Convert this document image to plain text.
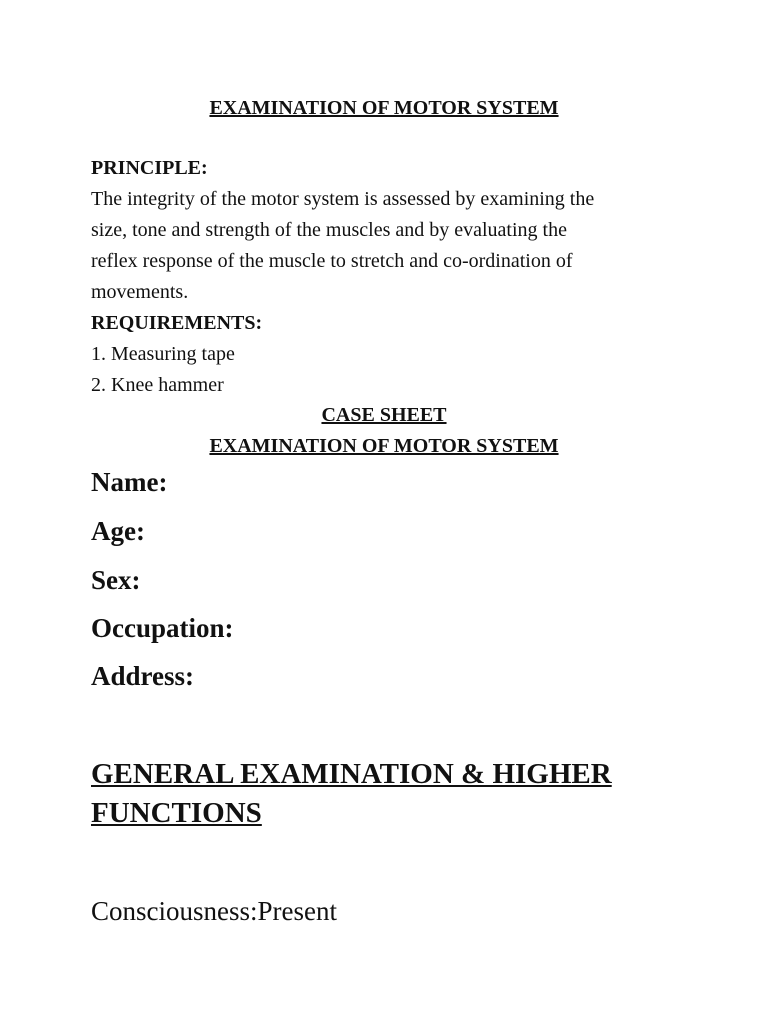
EXAMINATION OF MOTOR SYSTEM

PRINCIPLE:

The integrity of the motor system is assessed by examining the

size, tone and strength of the muscles and by evaluating the

reflex response of the muscle to stretch and co-ordination of

movements.

REQUIREMENTS:

1. Measuring tape
2. Knee hammer
CASE SHEET
EXAMINATION OF MOTOR SYSTEM

Name:

Age:

Sex:

Occupation:

Address:

GENERAL EXAMINATION & HIGHER
FUNCTIONS

Consciousness:Present
